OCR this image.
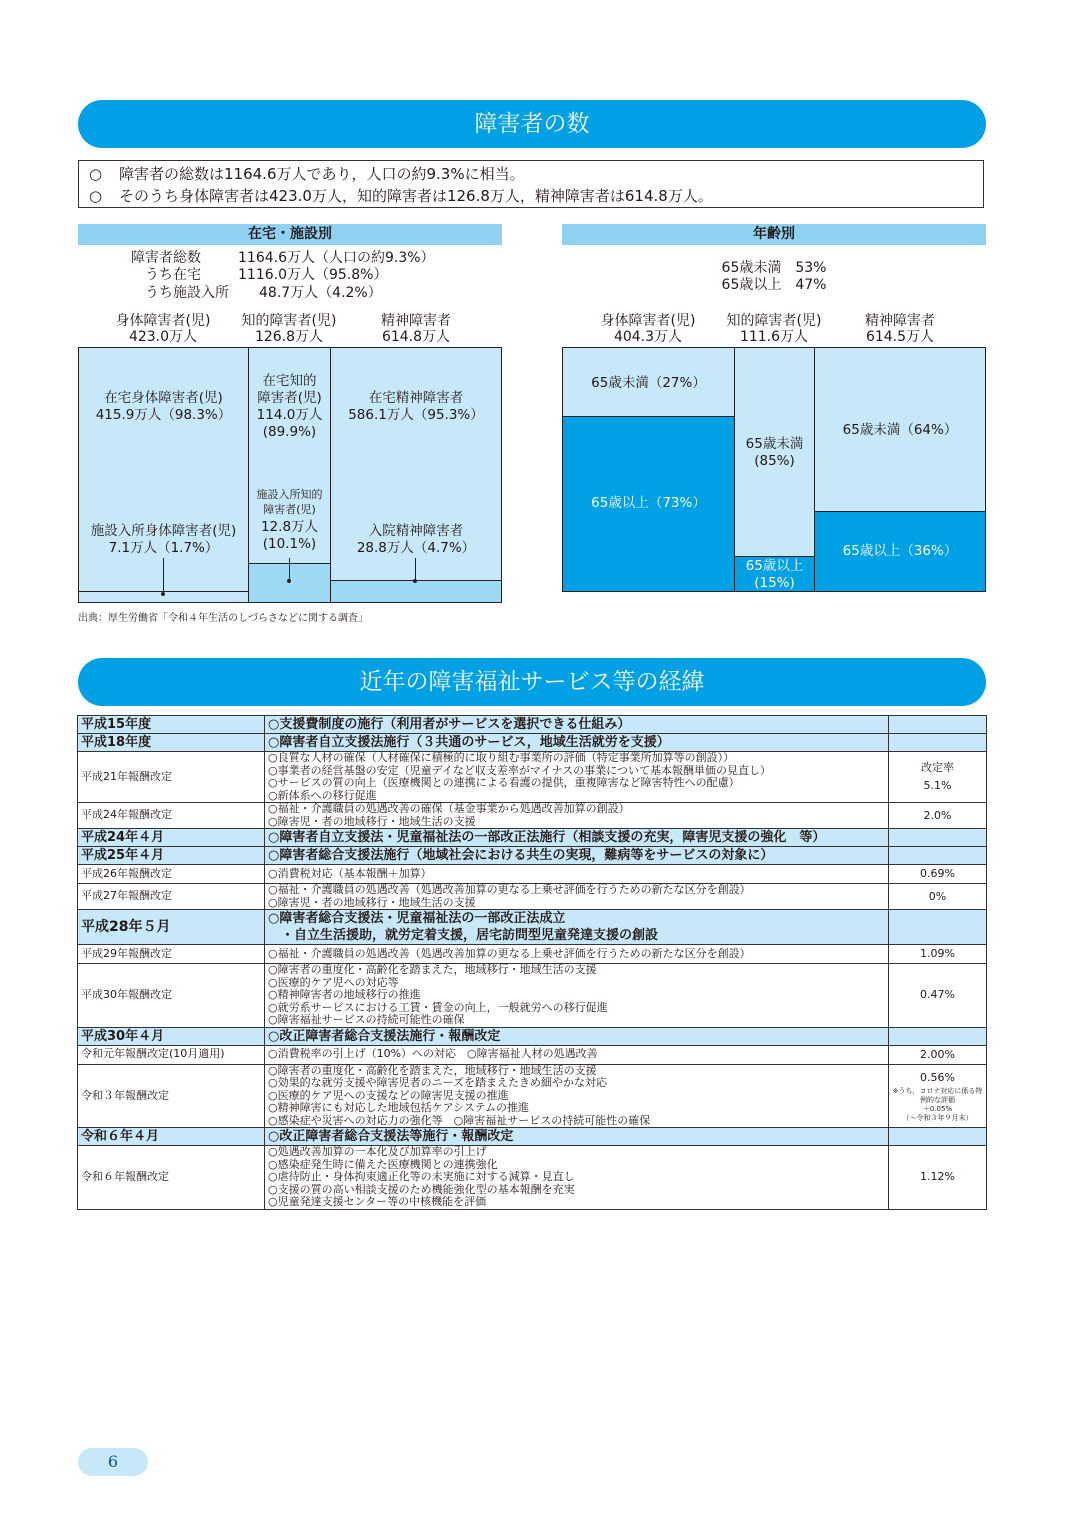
障害者の数
○ 障害者の総数は1164.6万人であり，人口の約9.3%に相当。
○ そのうち身体障害者は423.0万人，知的障害者は126.8万人，精神障害者は614.8万人。
在宅・施設別
障害者総数	1164.6万人（人口の約9.3%）
うち在宅	1116.0万人（95.8%）
うち施設入所 48.7万人（4.2%）
身体障害者(児)
423.0万人
知的障害者(児)
126.8万人
精神障害者
614.8万人
在宅身体障害者(児)
415.9万人（98.3%）
施設入所身体障害者(児)
7.1万人（1.7%）
在宅知的
障害者(児)
114.0万人
(89.9%)
施設入所知的
障害者(児)
12.8万人
(10.1%)
在宅精神障害者
586.1万人（95.3%）
入院精神障害者
28.8万人（4.7%）
年齢別
65歳未満　53%
65歳以上　47%
身体障害者(児)
404.3万人
知的障害者(児)
111.6万人
精神障害者
614.5万人
65歳未満（27%）
65歳以上（73%）
65歳未満
(85%)
65歳以上
(15%)
65歳未満（64%）
65歳以上（36%）
出典：厚生労働省「令和４年生活のしづらさなどに関する調査」
近年の障害福祉サービス等の経緯
平成15年度	○支援費制度の施行（利用者がサービスを選択できる仕組み）	

平成18年度	○障害者自立支援法施行（３共通のサービス，地域生活就労を支援）	

平成21年報酬改定	○良質な人材の確保（人材確保に積極的に取り組む事業所の評価（特定事業所加算等の創設））
○事業者の経営基盤の安定（児童デイなど収支差率がマイナスの事業について基本報酬単価の見直し）
○サービスの質の向上（医療機関との連携による看護の提供，重複障害など障害特性への配慮）
○新体系への移行促進	改定率
5.1%
平成24年報酬改定	○福祉・介護職員の処遇改善の確保（基金事業から処遇改善加算の創設）
○障害児・者の地域移行・地域生活の支援	2.0%
平成24年４月	○障害者自立支援法・児童福祉法の一部改正法施行（相談支援の充実，障害児支援の強化　等）	

平成25年４月	○障害者総合支援法施行（地域社会における共生の実現，難病等をサービスの対象に）	

平成26年報酬改定	○消費税対応（基本報酬＋加算）	0.69%
平成27年報酬改定	○福祉・介護職員の処遇改善（処遇改善加算の更なる上乗せ評価を行うための新たな区分を創設）
○障害児・者の地域移行・地域生活の支援	0%
平成28年５月	○障害者総合支援法・児童福祉法の一部改正法成立
　・自立生活援助，就労定着支援，居宅訪問型児童発達支援の創設	

平成29年報酬改定	○福祉・介護職員の処遇改善（処遇改善加算の更なる上乗せ評価を行うための新たな区分を創設）	1.09%
平成30年報酬改定	○障害者の重度化・高齢化を踏まえた，地域移行・地域生活の支援
○医療的ケア児への対応等
○精神障害者の地域移行の推進
○就労系サービスにおける工賃・賃金の向上，一般就労への移行促進
○障害福祉サービスの持続可能性の確保	0.47%
平成30年４月	○改正障害者総合支援法施行・報酬改定	

令和元年報酬改定(10月適用)	○消費税率の引上げ（10%）への対応　○障害福祉人材の処遇改善	2.00%
令和３年報酬改定	○障害者の重度化・高齢化を踏まえた，地域移行・地域生活の支援
○効果的な就労支援や障害児者のニーズを踏まえたきめ細やかな対応
○医療的ケア児への支援などの障害児支援の推進
○精神障害にも対応した地域包括ケアシステムの推進
○感染症や災害への対応力の強化等　○障害福祉サービスの持続可能性の確保	0.56%
※うち，コロナ対応に係る特例的な評価
＋0.05%
（～令和３年９月末）

令和６年４月	○改正障害者総合支援法等施行・報酬改定	

令和６年報酬改定	○処遇改善加算の一本化及び加算率の引上げ
○感染症発生時に備えた医療機関との連携強化
○虐待防止・身体拘束適正化等の未実施に対する減算・見直し
○支援の質の高い相談支援のため機能強化型の基本報酬を充実
○児童発達支援センター等の中核機能を評価	1.12%
6
